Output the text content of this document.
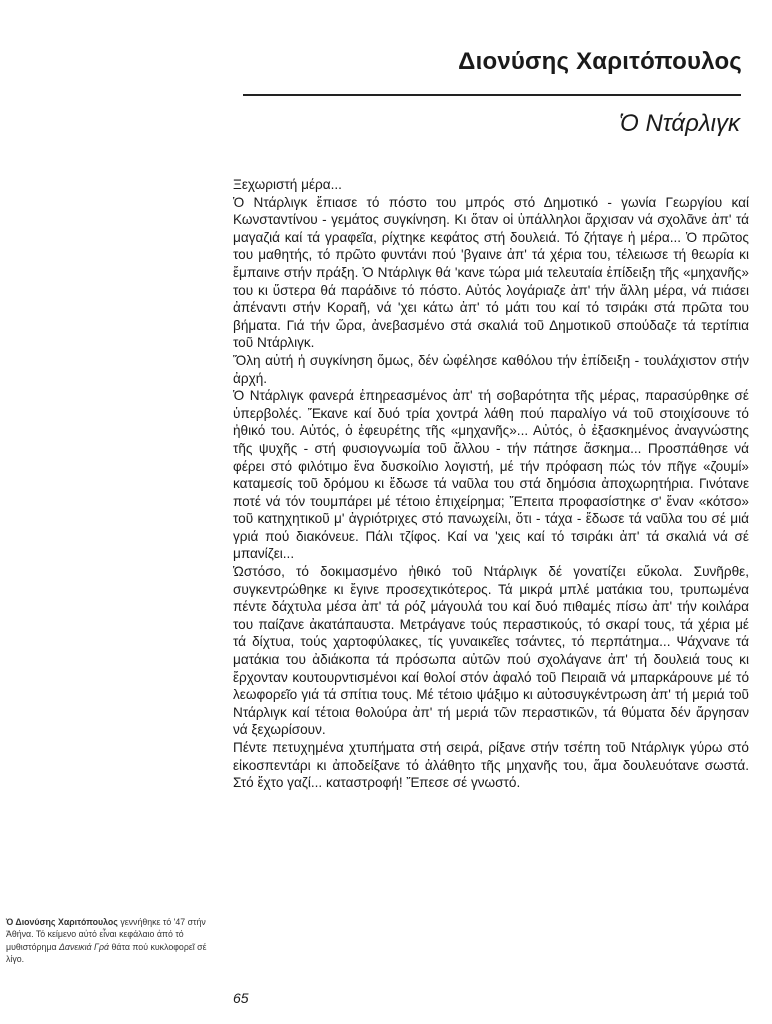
Διονύσης Χαριτόπουλος
Ὁ Ντάρλιγκ

Ξεχωριστή μέρα...

Ὁ Ντάρλιγκ ἔπιασε τό πόστο του μπρός στό Δημοτικό - γωνία Γεωργίου καί Κωνσταντίνου - γεμάτος συγκίνηση. Κι ὅταν οἱ ὑπάλληλοι ἄρχισαν νά σχολᾶνε ἀπ' τά μαγαζιά καί τά γραφεῖα, ρίχτηκε κεφάτος στή δουλειά. Τό ζήταγε ἡ μέρα... Ὁ πρῶτος του μαθητής, τό πρῶτο φυντάνι πού 'βγαινε ἀπ' τά χέρια του, τέλειωσε τή θεωρία κι ἔμπαινε στήν πράξη. Ὁ Ντάρλιγκ θά 'κανε τώρα μιά τελευταία ἐπίδειξη τῆς «μηχανῆς» του κι ὕστερα θά παράδινε τό πόστο. Αὐτός λογάριαζε ἀπ' τήν ἄλλη μέρα, νά πιάσει ἀπέναντι στήν Κοραῆ, νά 'χει κάτω ἀπ' τό μάτι του καί τό τσιράκι στά πρῶτα του βήματα. Γιά τήν ὥρα, ἀνεβασμένο στά σκαλιά τοῦ Δημοτικοῦ σπούδαζε τά τερτίπια τοῦ Ντάρλιγκ.

Ὅλη αὐτή ἡ συγκίνηση ὅμως, δέν ὠφέλησε καθόλου τήν ἐπίδειξη - τουλάχιστον στήν ἀρχή.

Ὁ Ντάρλιγκ φανερά ἐπηρεασμένος ἀπ' τή σοβαρότητα τῆς μέρας, παρασύρθηκε σέ ὑπερβολές. Ἔκανε καί δυό τρία χοντρά λάθη πού παραλίγο νά τοῦ στοιχίσουνε τό ἠθικό του. Αὐτός, ὁ ἐφευρέτης τῆς «μηχανῆς»... Αὐτός, ὁ ἐξασκημένος ἀναγνώστης τῆς ψυχῆς - στή φυσιογνωμία τοῦ ἄλλου - τήν πάτησε ἄσκημα... Προσπάθησε νά φέρει στό φιλότιμο ἕνα δυσκοίλιο λογιστή, μέ τήν πρόφαση πώς τόν πῆγε «ζουμί» καταμεσίς τοῦ δρόμου κι ἔδωσε τά ναῦλα του στά δημόσια ἀποχωρητήρια. Γινότανε ποτέ νά τόν τουμπάρει μέ τέτοιο ἐπιχείρημα; Ἔπειτα προφασίστηκε σ' ἕναν «κότσο» τοῦ κατηχητικοῦ μ' ἀγριότριχες στό πανωχείλι, ὅτι - τάχα - ἔδωσε τά ναῦλα του σέ μιά γριά πού διακόνευε. Πάλι τζίφος. Καί να 'χεις καί τό τσιράκι ἀπ' τά σκαλιά νά σέ μπανίζει...

Ὡστόσο, τό δοκιμασμένο ἠθικό τοῦ Ντάρλιγκ δέ γονατίζει εὔκολα. Συνῆρθε, συγκεντρώθηκε κι ἔγινε προσεχτικότερος. Τά μικρά μπλέ ματάκια του, τρυπωμένα πέντε δάχτυλα μέσα ἀπ' τά ρόζ μάγουλά του καί δυό πιθαμές πίσω ἀπ' τήν κοιλάρα του παίζανε ἀκατάπαυστα. Μετράγανε τούς περαστικούς, τό σκαρί τους, τά χέρια μέ τά δίχτυα, τούς χαρτοφύλακες, τίς γυναικεῖες τσάντες, τό περπάτημα... Ψάχνανε τά ματάκια του ἀδιάκοπα τά πρόσωπα αὐτῶν πού σχολάγανε ἀπ' τή δουλειά τους κι ἔρχονταν κουτουρντισμένοι καί θολοί στόν ἀφαλό τοῦ Πειραιᾶ νά μπαρκάρουνε μέ τό λεωφορεῖο γιά τά σπίτια τους. Μέ τέτοιο ψάξιμο κι αὐτοσυγκέντρωση ἀπ' τή μεριά τοῦ Ντάρλιγκ καί τέτοια θολούρα ἀπ' τή μεριά τῶν περαστικῶν, τά θύματα δέν ἄργησαν νά ξεχωρίσουν.

Πέντε πετυχημένα χτυπήματα στή σειρά, ρίξανε στήν τσέπη τοῦ Ντάρλιγκ γύρω στό εἰκοσπεντάρι κι ἀποδείξανε τό ἀλάθητο τῆς μηχανῆς του, ἅμα δουλευότανε σωστά. Στό ἔχτο γαζί... καταστροφή! Ἔπεσε σέ γνωστό.

Ὁ Διονύσης Χαριτόπουλος γεννήθηκε τό '47 στήν Ἀθήνα. Τό κείμενο αὐτό εἶναι κεφάλαιο ἀπό τό μυθιστόρημα Δανεικιά Γρά θάτα πού κυκλοφορεῖ σέ λίγο.

65
